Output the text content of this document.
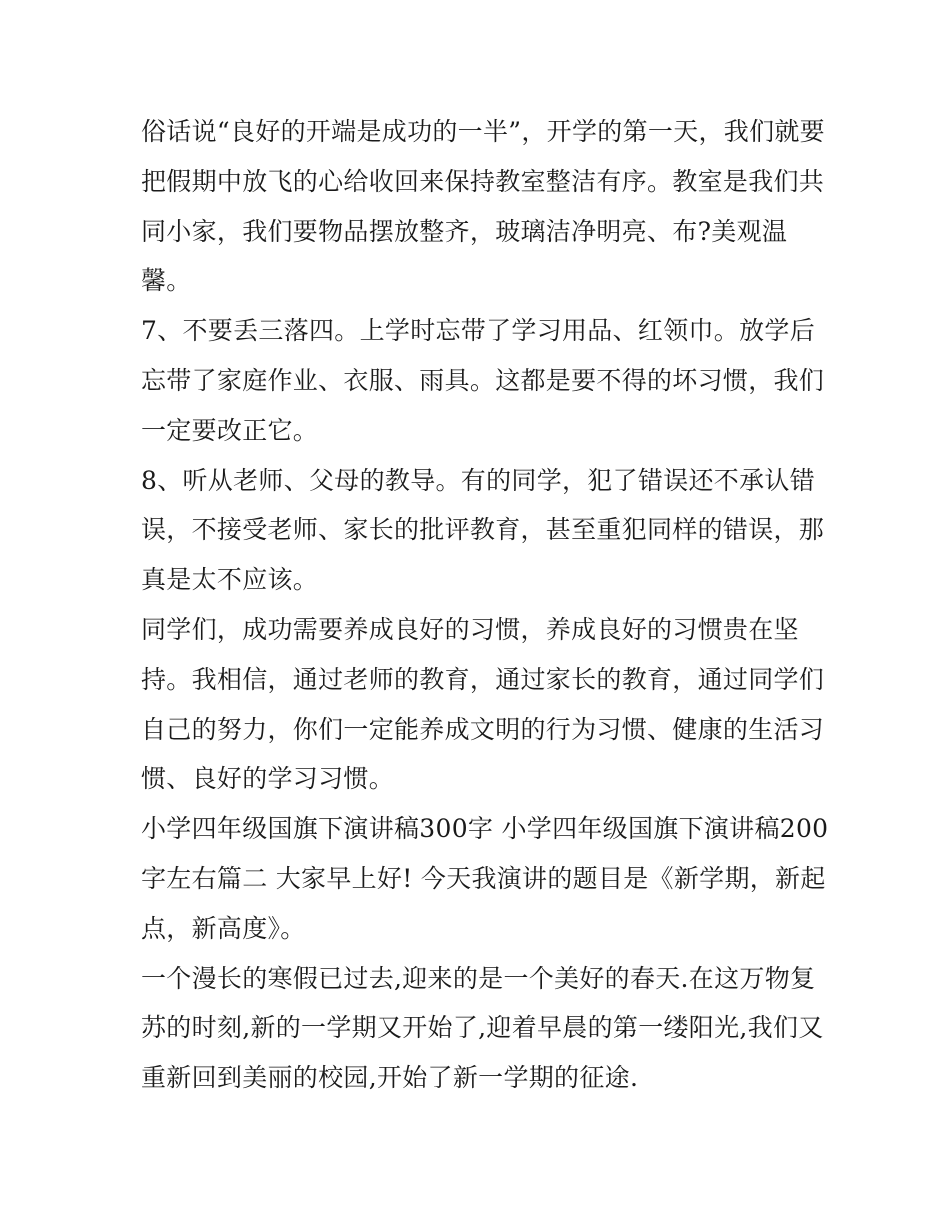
俗话说“良好的开端是成功的一半”，开学的第一天，我们就要
把假期中放飞的心给收回来保持教室整洁有序。教室是我们共
同小家，我们要物品摆放整齐，玻璃洁净明亮、布?美观温
馨。

7、不要丢三落四。上学时忘带了学习用品、红领巾。放学后
忘带了家庭作业、衣服、雨具。这都是要不得的坏习惯，我们
一定要改正它。

8、听从老师、父母的教导。有的同学，犯了错误还不承认错
误，不接受老师、家长的批评教育，甚至重犯同样的错误，那
真是太不应该。

同学们，成功需要养成良好的习惯，养成良好的习惯贵在坚
持。我相信，通过老师的教育，通过家长的教育，通过同学们
自己的努力，你们一定能养成文明的行为习惯、健康的生活习
惯、良好的学习习惯。

小学四年级国旗下演讲稿300字 小学四年级国旗下演讲稿200
字左右篇二 大家早上好! 今天我演讲的题目是《新学期，新起
点，新高度》。

一个漫长的寒假已过去,迎来的是一个美好的春天.在这万物复
苏的时刻,新的一学期又开始了,迎着早晨的第一缕阳光,我们又
重新回到美丽的校园,开始了新一学期的征途.
